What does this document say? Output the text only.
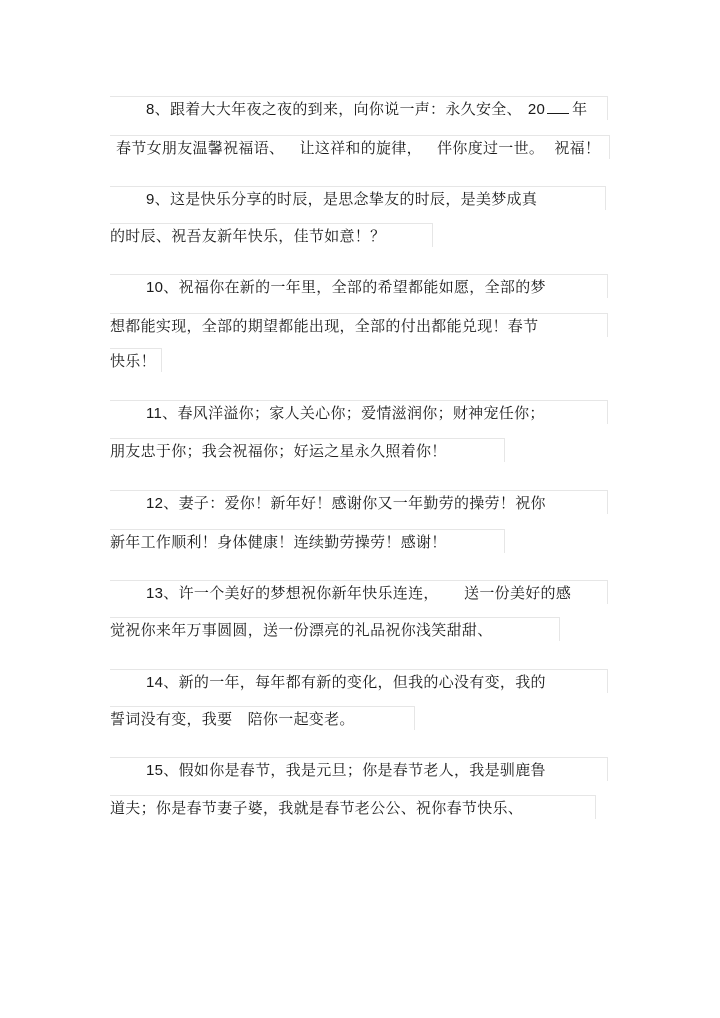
8、跟着大大年夜之夜的到来，向你说一声：永久安全、 20 年
春节女朋友温馨祝福语、   让这祥和的旋律，   伴你度过一世。  祝福！
9、这是快乐分享的时辰，是思念挚友的时辰，是美梦成真
的时辰、祝吾友新年快乐，佳节如意！？
10、祝福你在新的一年里，全部的希望都能如愿，全部的梦
想都能实现，全部的期望都能出现，全部的付出都能兑现！春节
快乐！
11、春风洋溢你；家人关心你；爱情滋润你；财神宠任你；
朋友忠于你；我会祝福你；好运之星永久照着你！
12、妻子：爱你！新年好！感谢你又一年勤劳的操劳！祝你
新年工作顺利！身体健康！连续勤劳操劳！感谢！
13、许一个美好的梦想祝你新年快乐连连，     送一份美好的感
觉祝你来年万事圆圆，送一份漂亮的礼品祝你浅笑甜甜、
14、新的一年，每年都有新的变化，但我的心没有变，我的
誓词没有变，我要   陪你一起变老。
15、假如你是春节，我是元旦；你是春节老人，我是驯鹿鲁
道夫；你是春节妻子婆，我就是春节老公公、祝你春节快乐、
